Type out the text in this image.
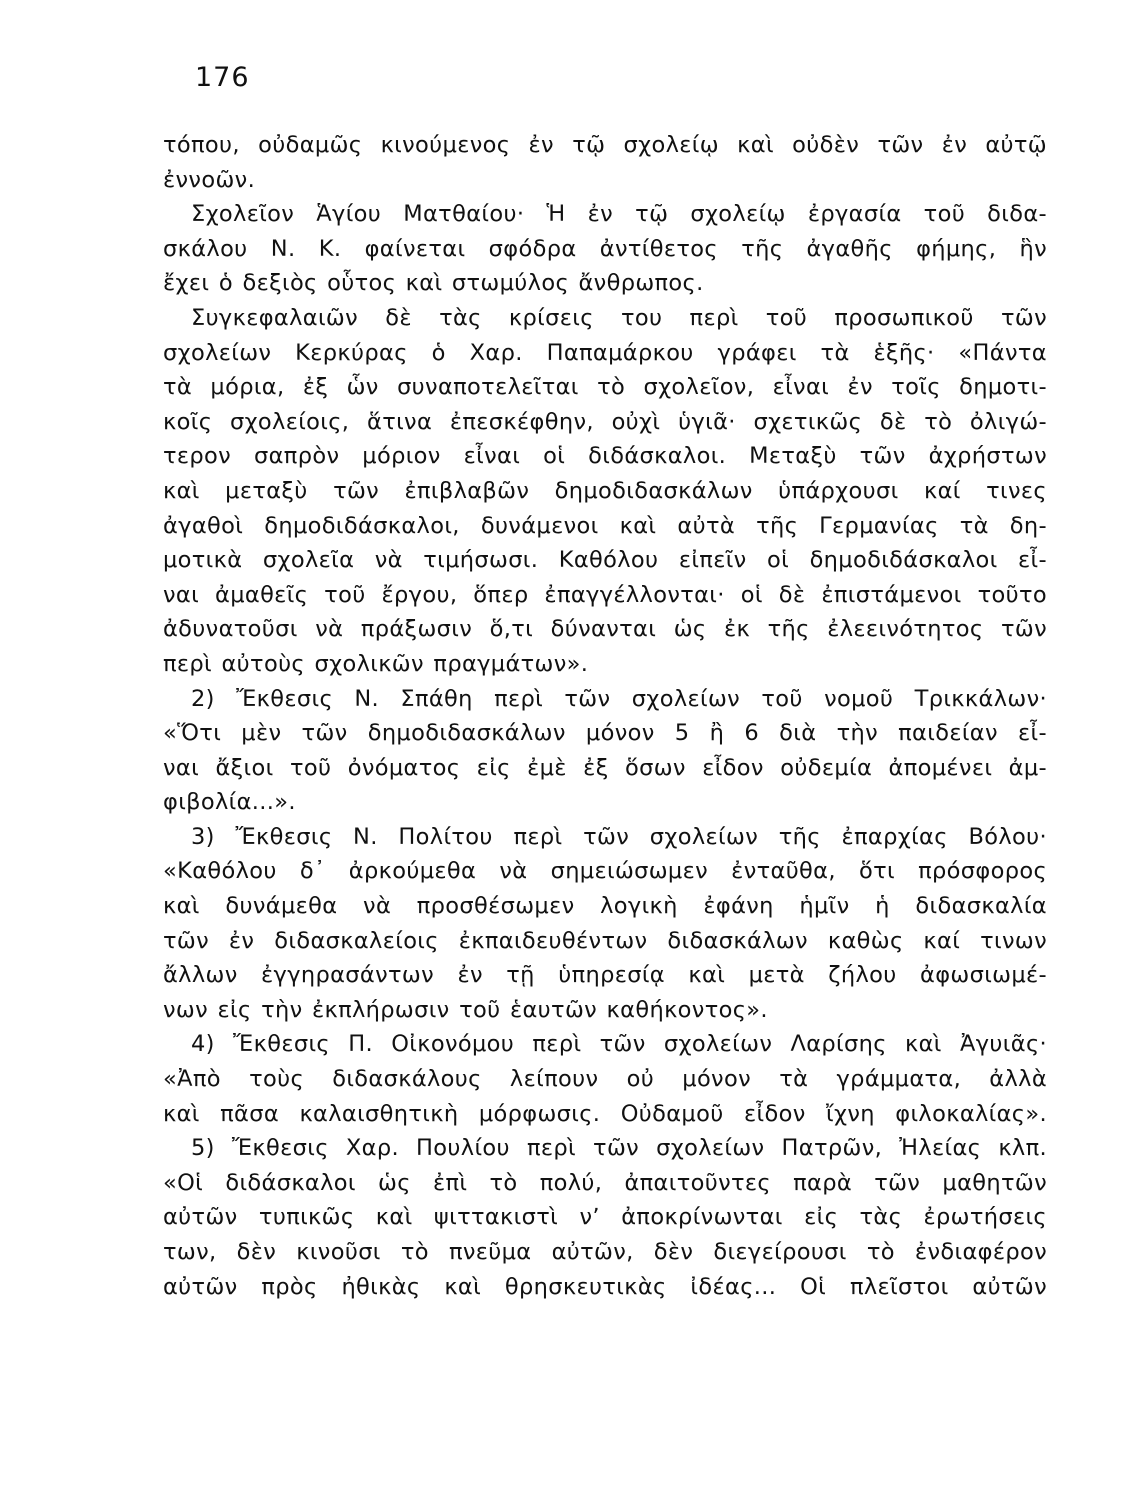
176
τόπου, οὐδαμῶς κινούμενος ἐν τῷ σχολείῳ καὶ οὐδὲν τῶν ἐν αὐτῷ
ἐννοῶν.
Σχολεῖον Ἁγίου Ματθαίου· Ἡ ἐν τῷ σχολείῳ ἐργασία τοῦ διδα-
σκάλου Ν. Κ. φαίνεται σφόδρα ἀντίθετος τῆς ἀγαθῆς φήμης, ἣν
ἔχει ὁ δεξιὸς οὗτος καὶ στωμύλος ἄνθρωπος.
Συγκεφαλαιῶν δὲ τὰς κρίσεις του περὶ τοῦ προσωπικοῦ τῶν
σχολείων Κερκύρας ὁ Χαρ. Παπαμάρκου γράφει τὰ ἑξῆς· «Πάντα
τὰ μόρια, ἐξ ὧν συναποτελεῖται τὸ σχολεῖον, εἶναι ἐν τοῖς δημοτι-
κοῖς σχολείοις, ἅτινα ἐπεσκέφθην, οὐχὶ ὑγιᾶ· σχετικῶς δὲ τὸ ὀλιγώ-
τερον σαπρὸν μόριον εἶναι οἱ διδάσκαλοι. Μεταξὺ τῶν ἀχρήστων
καὶ μεταξὺ τῶν ἐπιβλαβῶν δημοδιδασκάλων ὑπάρχουσι καί τινες
ἀγαθοὶ δημοδιδάσκαλοι, δυνάμενοι καὶ αὐτὰ τῆς Γερμανίας τὰ δη-
μοτικὰ σχολεῖα νὰ τιμήσωσι. Καθόλου εἰπεῖν οἱ δημοδιδάσκαλοι εἶ-
ναι ἀμαθεῖς τοῦ ἔργου, ὅπερ ἐπαγγέλλονται· οἱ δὲ ἐπιστάμενοι τοῦτο
ἀδυνατοῦσι νὰ πράξωσιν ὅ,τι δύνανται ὡς ἐκ τῆς ἐλεεινότητος τῶν
περὶ αὐτοὺς σχολικῶν πραγμάτων».
2) Ἔκθεσις Ν. Σπάθη περὶ τῶν σχολείων τοῦ νομοῦ Τρικκάλων·
«Ὅτι μὲν τῶν δημοδιδασκάλων μόνον 5 ἢ 6 διὰ τὴν παιδείαν εἶ-
ναι ἄξιοι τοῦ ὀνόματος εἰς ἐμὲ ἐξ ὅσων εἶδον οὐδεμία ἀπομένει ἀμ-
φιβολία...».
3) Ἔκθεσις Ν. Πολίτου περὶ τῶν σχολείων τῆς ἐπαρχίας Βόλου·
«Καθόλου δ᾿ ἀρκούμεθα νὰ σημειώσωμεν ἐνταῦθα, ὅτι πρόσφορος
καὶ δυνάμεθα νὰ προσθέσωμεν λογικὴ ἐφάνη ἡμῖν ἡ διδασκαλία
τῶν ἐν διδασκαλείοις ἐκπαιδευθέντων διδασκάλων καθὼς καί τινων
ἄλλων ἐγγηρασάντων ἐν τῇ ὑπηρεσίᾳ καὶ μετὰ ζήλου ἀφωσιωμέ-
νων εἰς τὴν ἐκπλήρωσιν τοῦ ἑαυτῶν καθήκοντος».
4) Ἔκθεσις Π. Οἰκονόμου περὶ τῶν σχολείων Λαρίσης καὶ Ἀγυιᾶς·
«Ἀπὸ τοὺς διδασκάλους λείπουν οὐ μόνον τὰ γράμματα, ἀλλὰ
καὶ πᾶσα καλαισθητικὴ μόρφωσις. Οὐδαμοῦ εἶδον ἴχνη φιλοκαλίας».
5) Ἔκθεσις Χαρ. Πουλίου περὶ τῶν σχολείων Πατρῶν, Ἠλείας κλπ.
«Οἱ διδάσκαλοι ὡς ἐπὶ τὸ πολύ, ἀπαιτοῦντες παρὰ τῶν μαθητῶν
αὐτῶν τυπικῶς καὶ ψιττακιστὶ νʼ ἀποκρίνωνται εἰς τὰς ἐρωτήσεις
των, δὲν κινοῦσι τὸ πνεῦμα αὐτῶν, δὲν διεγείρουσι τὸ ἐνδιαφέρον
αὐτῶν πρὸς ἠθικὰς καὶ θρησκευτικὰς ἰδέας... Οἱ πλεῖστοι αὐτῶν
